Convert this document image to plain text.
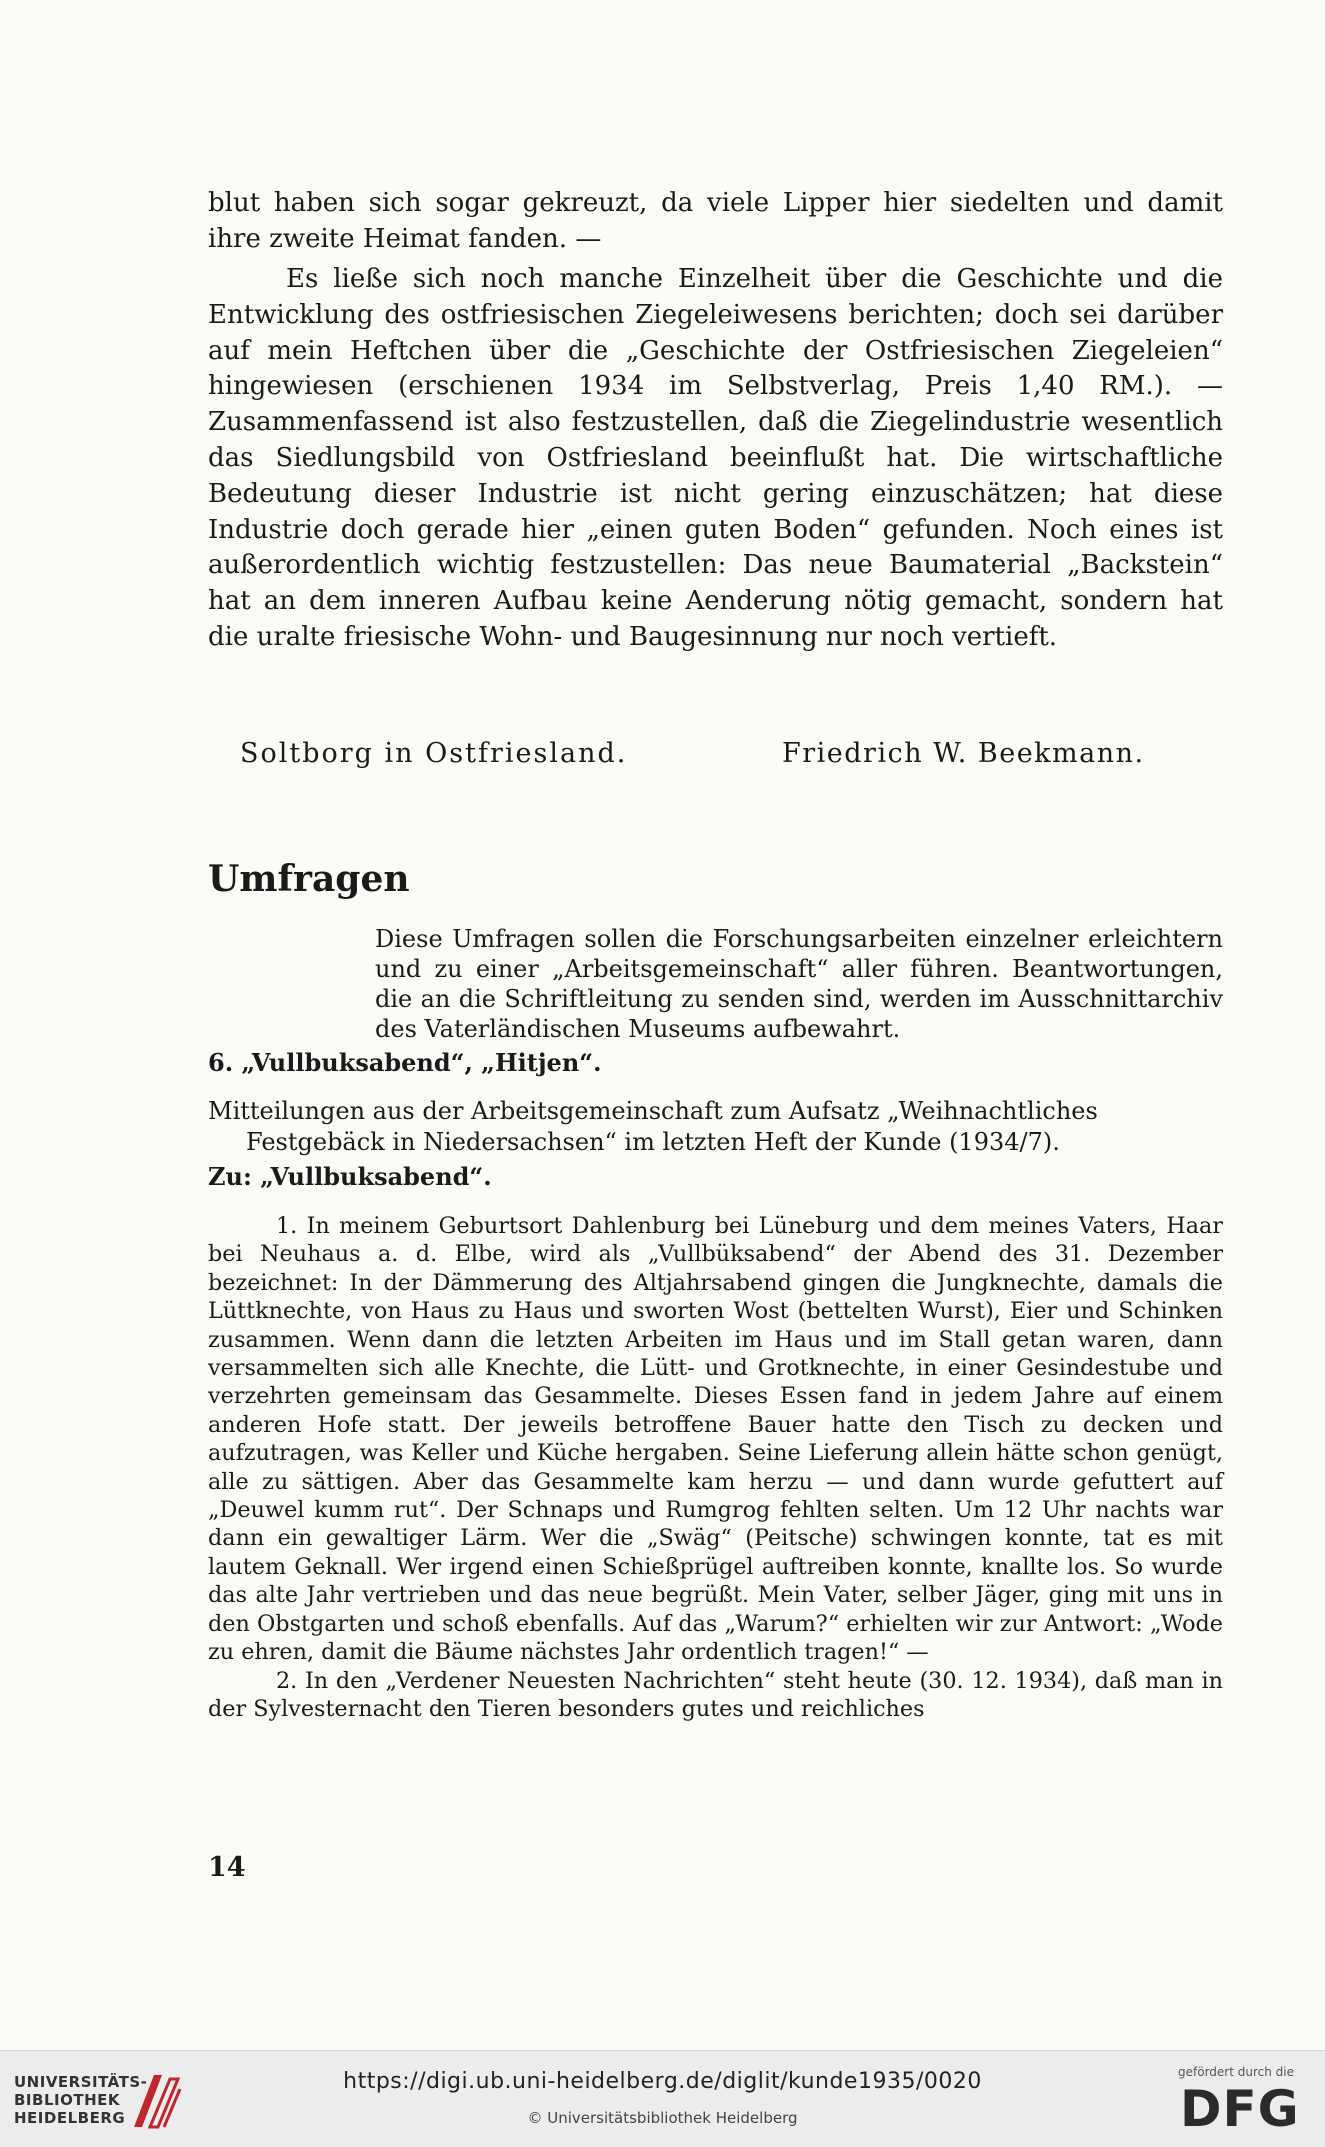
blut haben sich sogar gekreuzt, da viele Lipper hier siedelten und damit ihre zweite Heimat fanden. —

Es ließe sich noch manche Einzelheit über die Geschichte und die Entwicklung des ostfriesischen Ziegeleiwesens berichten; doch sei darüber auf mein Heftchen über die „Geschichte der Ostfriesischen Ziegeleien“ hingewiesen (erschienen 1934 im Selbstverlag, Preis 1,40 RM.). — Zusammenfassend ist also festzustellen, daß die Ziegelindustrie wesentlich das Siedlungsbild von Ostfriesland beeinflußt hat. Die wirtschaftliche Bedeutung dieser Industrie ist nicht gering einzuschätzen; hat diese Industrie doch gerade hier „einen guten Boden“ gefunden. Noch eines ist außerordentlich wichtig festzustellen: Das neue Baumaterial „Backstein“ hat an dem inneren Aufbau keine Aenderung nötig gemacht, sondern hat die uralte friesische Wohn- und Baugesinnung nur noch vertieft.

Soltborg in Ostfriesland.	Friedrich W. Beekmann.
Umfragen

Diese Umfragen sollen die Forschungsarbeiten einzelner erleichtern und zu einer „Arbeitsgemeinschaft“ aller führen. Beantwortungen, die an die Schriftleitung zu senden sind, werden im Ausschnittarchiv des Vaterländischen Museums aufbewahrt.

6. „Vullbuksabend“, „Hitjen“.

Mitteilungen aus der Arbeitsgemeinschaft zum Aufsatz „Weihnachtliches Festgebäck in Niedersachsen“ im letzten Heft der Kunde (1934/7).

Zu: „Vullbuksabend“.

1. In meinem Geburtsort Dahlenburg bei Lüneburg und dem meines Vaters, Haar bei Neuhaus a. d. Elbe, wird als „Vullbüksabend“ der Abend des 31. Dezember bezeichnet: In der Dämmerung des Altjahrsabend gingen die Jungknechte, damals die Lüttknechte, von Haus zu Haus und sworten Wost (bettelten Wurst), Eier und Schinken zusammen. Wenn dann die letzten Arbeiten im Haus und im Stall getan waren, dann versammelten sich alle Knechte, die Lütt- und Grotknechte, in einer Gesindestube und verzehrten gemeinsam das Gesammelte. Dieses Essen fand in jedem Jahre auf einem anderen Hofe statt. Der jeweils betroffene Bauer hatte den Tisch zu decken und aufzutragen, was Keller und Küche hergaben. Seine Lieferung allein hätte schon genügt, alle zu sättigen. Aber das Gesammelte kam herzu — und dann wurde gefuttert auf „Deuwel kumm rut“. Der Schnaps und Rumgrog fehlten selten. Um 12 Uhr nachts war dann ein gewaltiger Lärm. Wer die „Swäg“ (Peitsche) schwingen konnte, tat es mit lautem Geknall. Wer irgend einen Schießprügel auftreiben konnte, knallte los. So wurde das alte Jahr vertrieben und das neue begrüßt. Mein Vater, selber Jäger, ging mit uns in den Obstgarten und schoß ebenfalls. Auf das „Warum?“ erhielten wir zur Antwort: „Wode zu ehren, damit die Bäume nächstes Jahr ordentlich tragen!“ —

2. In den „Verdener Neuesten Nachrichten“ steht heute (30. 12. 1934), daß man in der Sylvesternacht den Tieren besonders gutes und reichliches

14
UNIVERSITÄTS-
BIBLIOTHEK
HEIDELBERG
https://digi.ub.uni-heidelberg.de/diglit/kunde1935/0020
© Universitätsbibliothek Heidelberg
gefördert durch die
DFG
